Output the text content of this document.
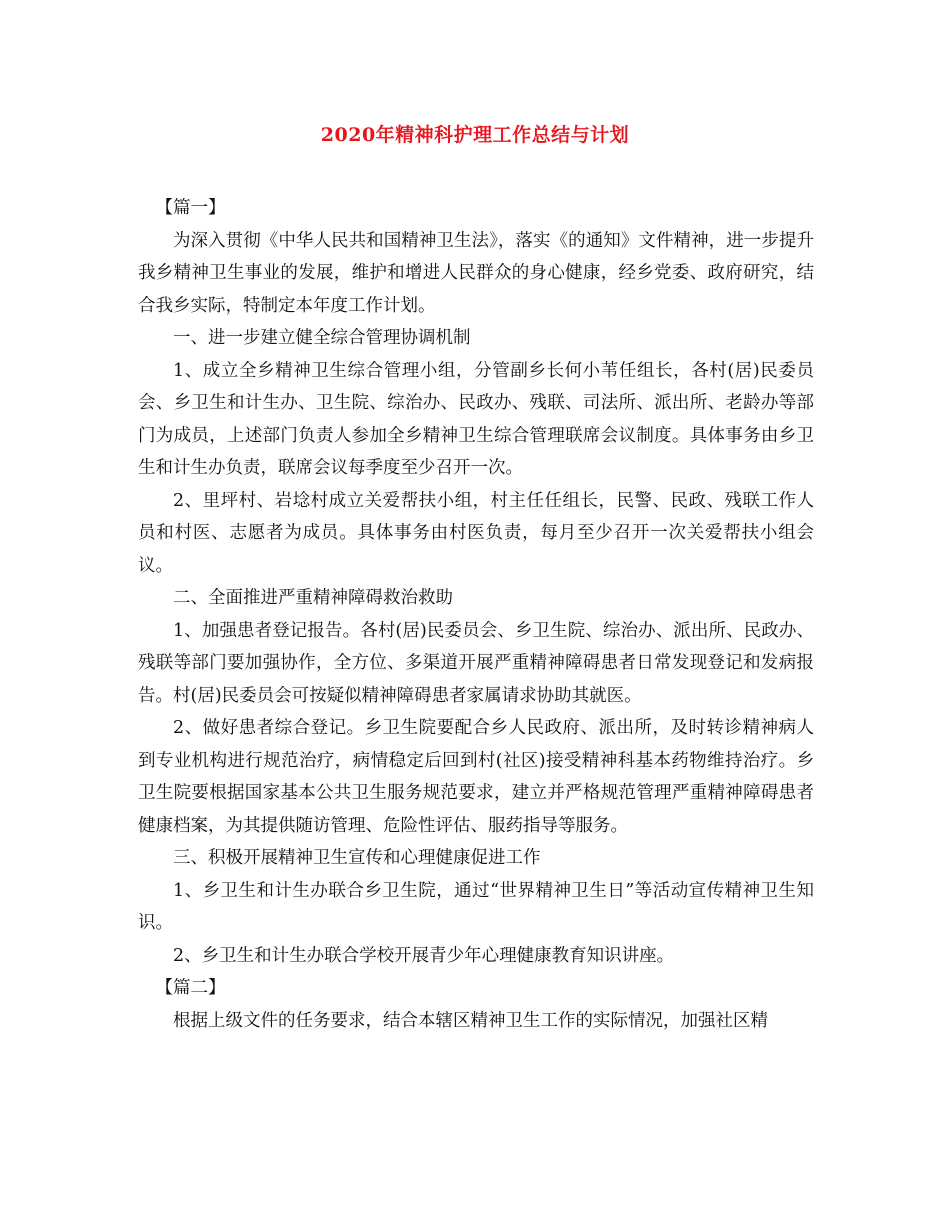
2020年精神科护理工作总结与计划

【篇一】

为深入贯彻《中华人民共和国精神卫生法》，落实《的通知》文件精神，进一步提升我乡精神卫生事业的发展，维护和增进人民群众的身心健康，经乡党委、政府研究，结合我乡实际，特制定本年度工作计划。

一、进一步建立健全综合管理协调机制

1、成立全乡精神卫生综合管理小组，分管副乡长何小苇任组长，各村(居)民委员会、乡卫生和计生办、卫生院、综治办、民政办、残联、司法所、派出所、老龄办等部门为成员，上述部门负责人参加全乡精神卫生综合管理联席会议制度。具体事务由乡卫生和计生办负责，联席会议每季度至少召开一次。

2、里坪村、岩埝村成立关爱帮扶小组，村主任任组长，民警、民政、残联工作人员和村医、志愿者为成员。具体事务由村医负责，每月至少召开一次关爱帮扶小组会议。

二、全面推进严重精神障碍救治救助

1、加强患者登记报告。各村(居)民委员会、乡卫生院、综治办、派出所、民政办、残联等部门要加强协作，全方位、多渠道开展严重精神障碍患者日常发现登记和发病报告。村(居)民委员会可按疑似精神障碍患者家属请求协助其就医。

2、做好患者综合登记。乡卫生院要配合乡人民政府、派出所，及时转诊精神病人到专业机构进行规范治疗，病情稳定后回到村(社区)接受精神科基本药物维持治疗。乡卫生院要根据国家基本公共卫生服务规范要求，建立并严格规范管理严重精神障碍患者健康档案，为其提供随访管理、危险性评估、服药指导等服务。

三、积极开展精神卫生宣传和心理健康促进工作

1、乡卫生和计生办联合乡卫生院，通过“世界精神卫生日”等活动宣传精神卫生知识。

2、乡卫生和计生办联合学校开展青少年心理健康教育知识讲座。

【篇二】

根据上级文件的任务要求，结合本辖区精神卫生工作的实际情况，加强社区精
